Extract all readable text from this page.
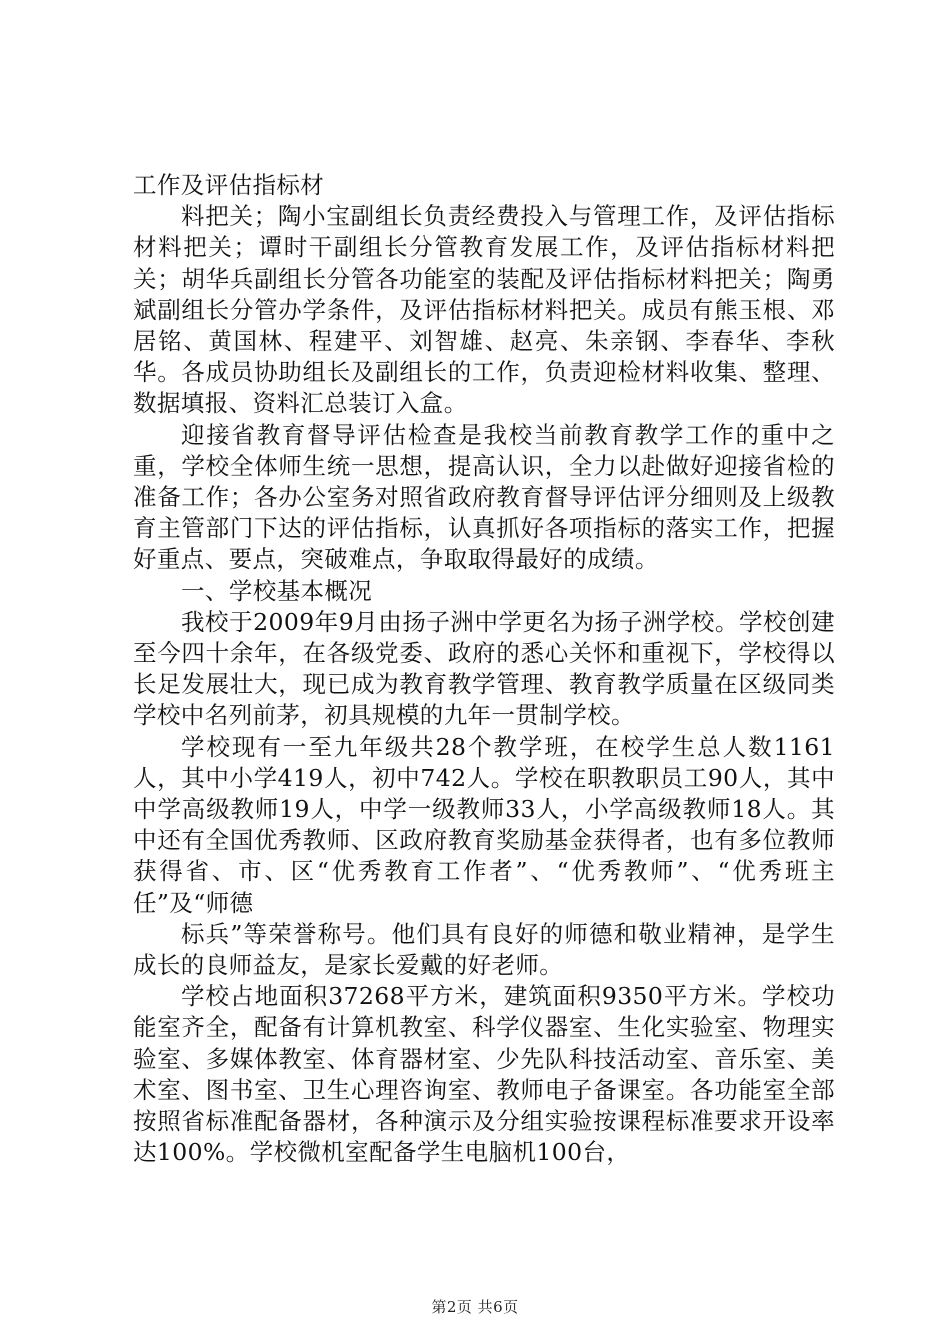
工作及评估指标材

料把关；陶小宝副组长负责经费投入与管理工作，及评估指标材料把关；谭时干副组长分管教育发展工作，及评估指标材料把关；胡华兵副组长分管各功能室的装配及评估指标材料把关；陶勇斌副组长分管办学条件，及评估指标材料把关。成员有熊玉根、邓居铭、黄国林、程建平、刘智雄、赵亮、朱亲钢、李春华、李秋华。各成员协助组长及副组长的工作，负责迎检材料收集、整理、数据填报、资料汇总装订入盒。

迎接省教育督导评估检查是我校当前教育教学工作的重中之重，学校全体师生统一思想，提高认识，全力以赴做好迎接省检的准备工作；各办公室务对照省政府教育督导评估评分细则及上级教育主管部门下达的评估指标，认真抓好各项指标的落实工作，把握好重点、要点，突破难点，争取取得最好的成绩。

一、学校基本概况

我校于2009年9月由扬子洲中学更名为扬子洲学校。学校创建至今四十余年，在各级党委、政府的悉心关怀和重视下，学校得以长足发展壮大，现已成为教育教学管理、教育教学质量在区级同类学校中名列前茅，初具规模的九年一贯制学校。

学校现有一至九年级共28个教学班，在校学生总人数1161人，其中小学419人，初中742人。学校在职教职员工90人，其中中学高级教师19人，中学一级教师33人，小学高级教师18人。其中还有全国优秀教师、区政府教育奖励基金获得者，也有多位教师获得省、市、区“优秀教育工作者”、“优秀教师”、“优秀班主任”及“师德

标兵”等荣誉称号。他们具有良好的师德和敬业精神，是学生成长的良师益友，是家长爱戴的好老师。

学校占地面积37268平方米，建筑面积9350平方米。学校功能室齐全，配备有计算机教室、科学仪器室、生化实验室、物理实验室、多媒体教室、体育器材室、少先队科技活动室、音乐室、美术室、图书室、卫生心理咨询室、教师电子备课室。各功能室全部按照省标准配备器材，各种演示及分组实验按课程标准要求开设率达100%。学校微机室配备学生电脑机100台，

第2页 共6页
